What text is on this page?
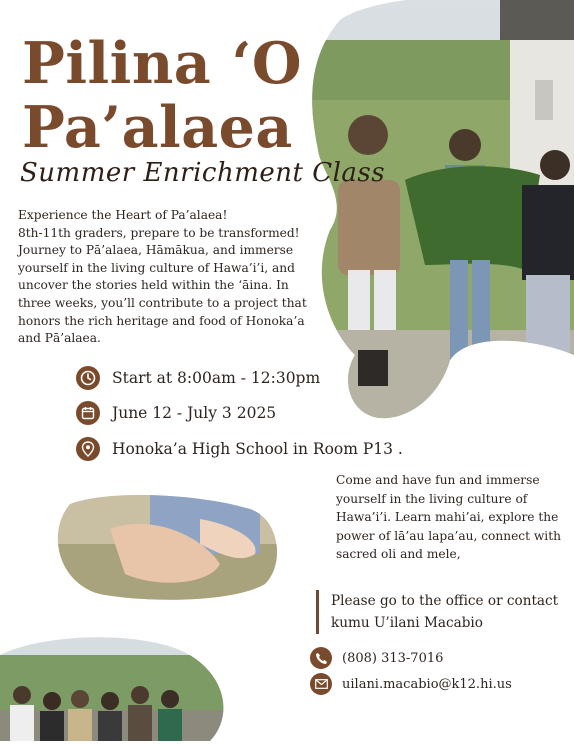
Pilina ‘O
Pa’alaea
Summer Enrichment Class

Experience the Heart of Pa’alaea!

8th-11th graders, prepare to be transformed! Journey to Pā’alaea, Hāmākua, and immerse yourself in the living culture of Hawa’i’i, and uncover the stories held within the ‘āina. In three weeks, you’ll contribute to a project that honors the rich heritage and food of Honoka’a and Pā’alaea.

Start at 8:00am - 12:30pm
June 12 - July 3 2025
Honoka’a High School in Room P13 .
Come and have fun and immerse yourself in the living culture of Hawa’i’i. Learn mahi’ai, explore the power of lā’au lapa’au, connect with sacred oli and mele,
Please go to the office or contact kumu U’ilani Macabio
(808) 313-7016
uilani.macabio@k12.hi.us
